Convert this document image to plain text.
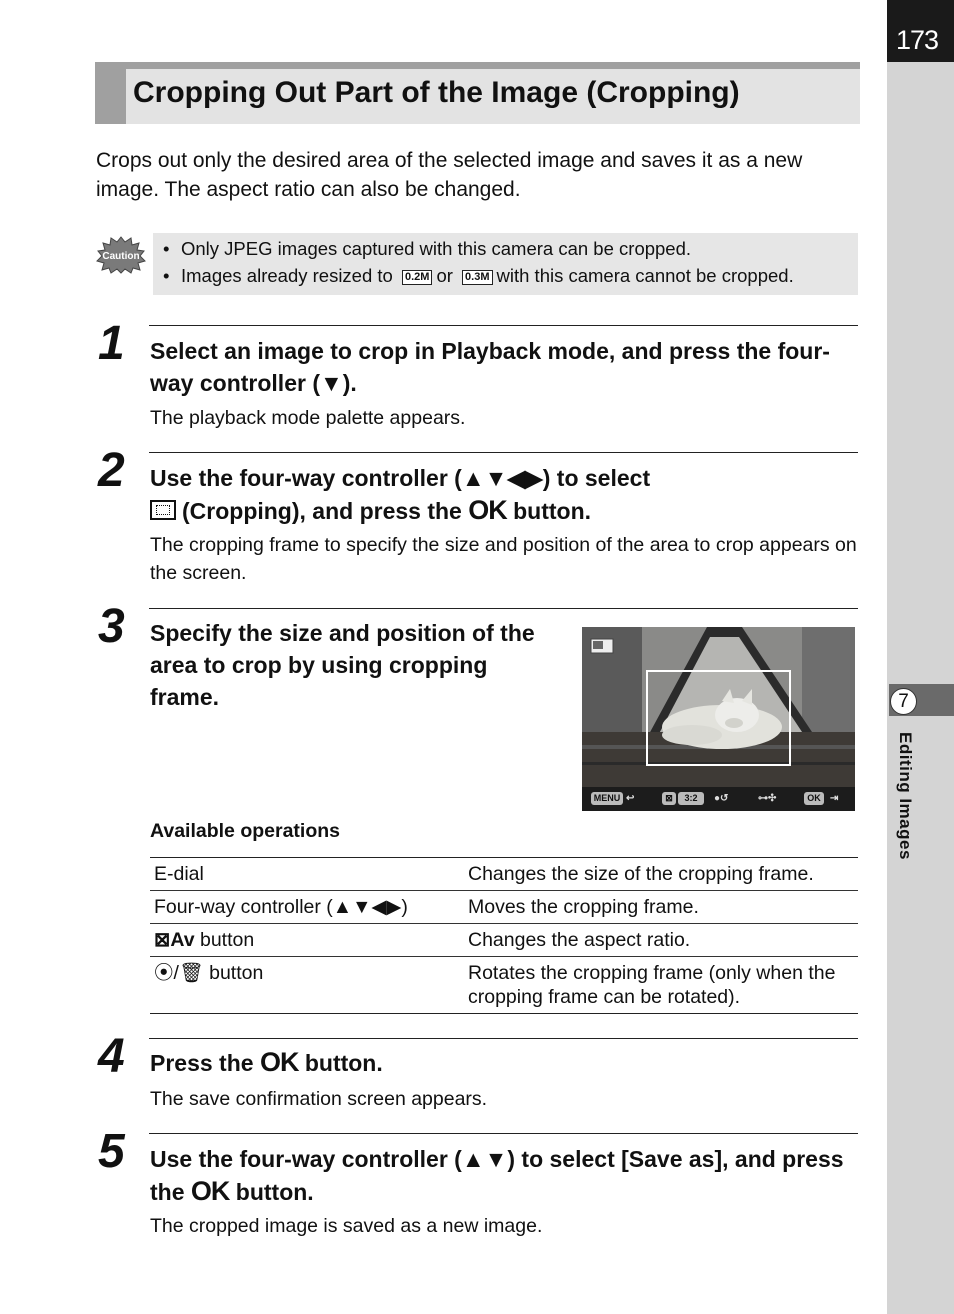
173
7
Editing Images
Cropping Out Part of the Image (Cropping)
Crops out only the desired area of the selected image and saves it as a new image. The aspect ratio can also be changed.
Caution • Only JPEG images captured with this camera can be cropped.
• Images already resized to 0.2M or 0.3M with this camera cannot be cropped.
1 Select an image to crop in Playback mode, and press the four-way controller (▼).
The playback mode palette appears.
2 Use the four-way controller (▲▼◀▶) to select
(Cropping), and press the OK button.
The cropping frame to specify the size and position of the area to crop appears on the screen.
3 Specify the size and position of the area to crop by using cropping frame.
MENU ↩	⊠	3:2	●↺	⊶✣	OK ⇥
Available operations
E-dial	Changes the size of the cropping frame.
Four-way controller (▲▼◀▶)	Moves the cropping frame.
⊠Av button	Changes the aspect ratio.
⦿/🗑 button	Rotates the cropping frame (only when the cropping frame can be rotated).
4 Press the OK button.
The save confirmation screen appears.
5 Use the four-way controller (▲▼) to select [Save as], and press the OK button.
The cropped image is saved as a new image.
